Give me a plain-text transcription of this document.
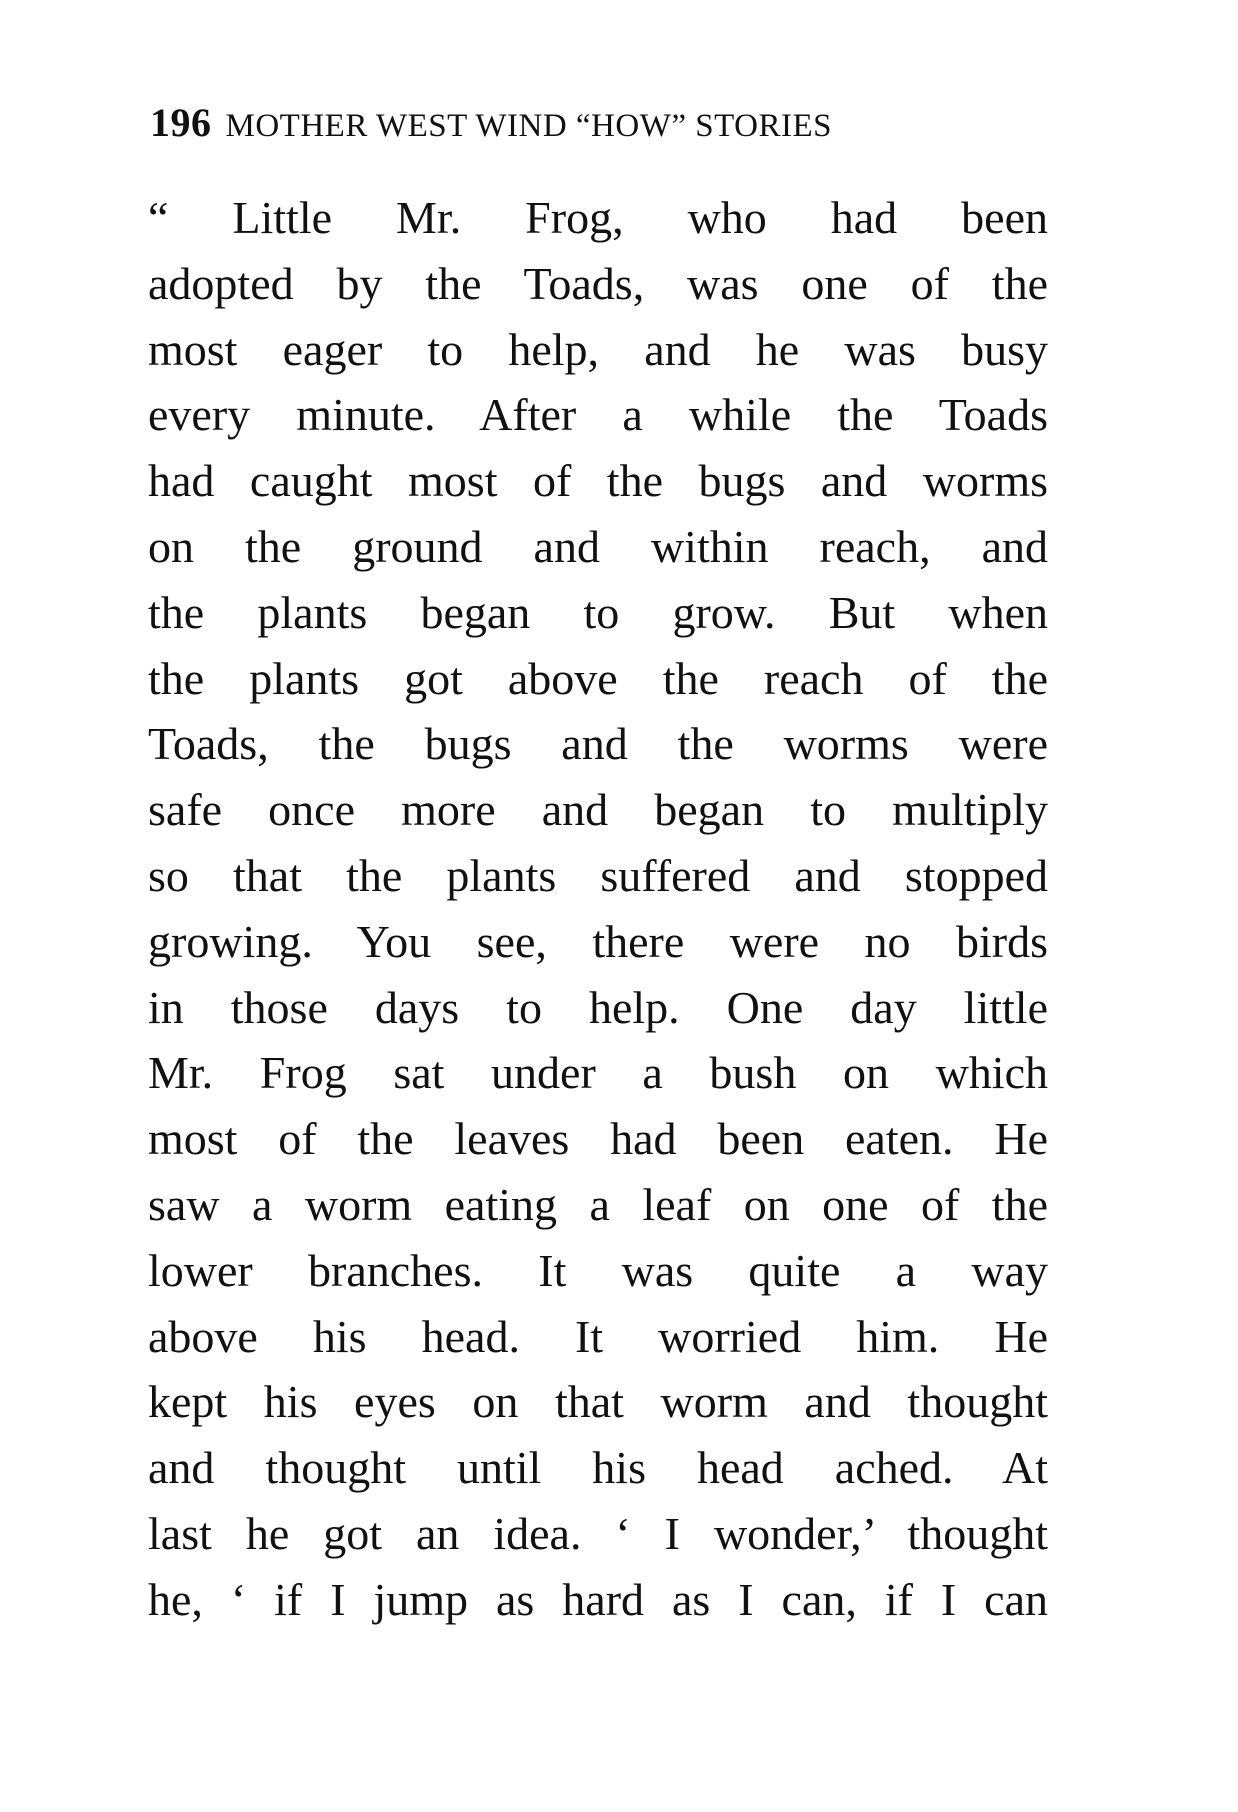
196 MOTHER WEST WIND “HOW” STORIES
“ Little Mr. Frog, who had been
adopted by the Toads, was one of the
most eager to help, and he was busy
every minute. After a while the Toads
had caught most of the bugs and worms
on the ground and within reach, and
the plants began to grow. But when
the plants got above the reach of the
Toads, the bugs and the worms were
safe once more and began to multiply
so that the plants suffered and stopped
growing. You see, there were no birds
in those days to help. One day little
Mr. Frog sat under a bush on which
most of the leaves had been eaten. He
saw a worm eating a leaf on one of the
lower branches. It was quite a way
above his head. It worried him. He
kept his eyes on that worm and thought
and thought until his head ached. At
last he got an idea. ‘ I wonder,’ thought
he, ‘ if I jump as hard as I can, if I can
